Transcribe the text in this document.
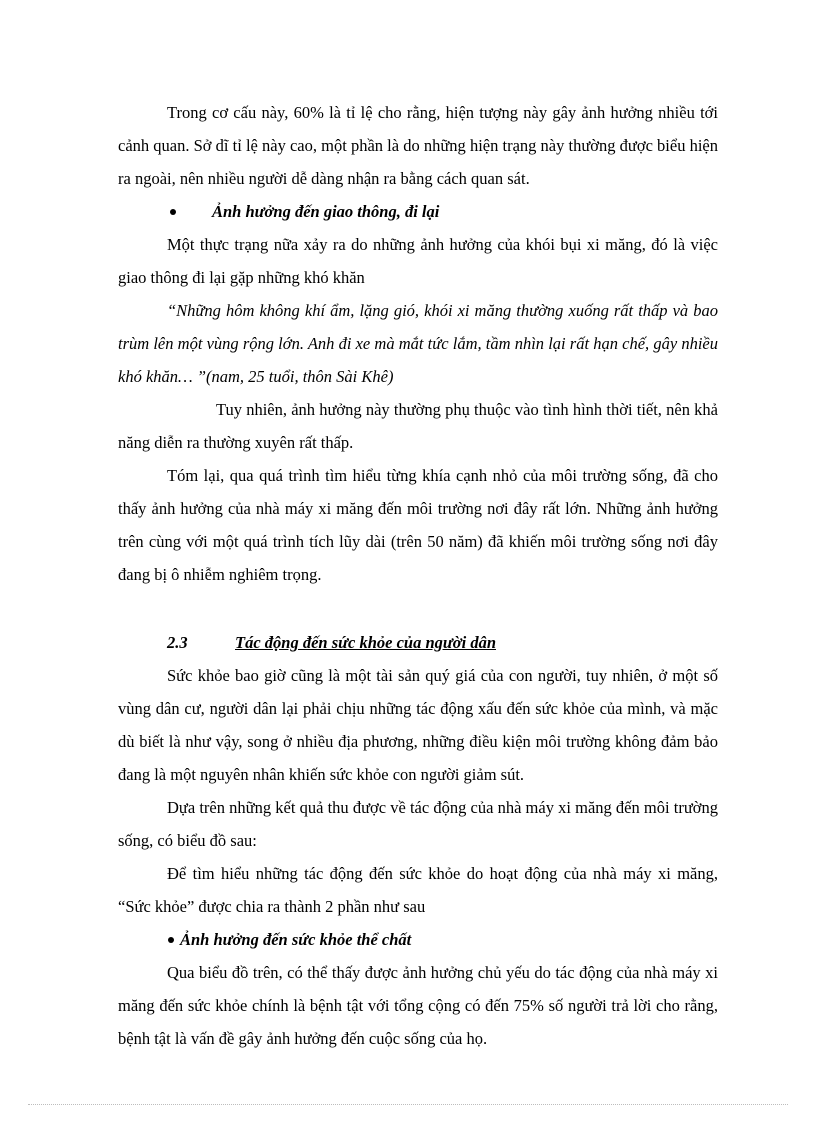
Trong cơ cấu này, 60% là tỉ lệ cho rằng, hiện tượng này gây ảnh hưởng nhiều tới cảnh quan. Sở dĩ tỉ lệ này cao, một phần là do những hiện trạng này thường được biểu hiện ra ngoài, nên nhiều người dễ dàng nhận ra bằng cách quan sát.

Ảnh hưởng đến giao thông, đi lại

Một thực trạng nữa xảy ra do những ảnh hưởng của khói bụi xi măng, đó là việc giao thông đi lại gặp những khó khăn

“Những hôm không khí ẩm, lặng gió, khói xi măng thường xuống rất thấp và bao trùm lên một vùng rộng lớn. Anh đi xe mà mắt tức lắm, tầm nhìn lại rất hạn chế, gây nhiều khó khăn… ”(nam, 25 tuổi, thôn Sài Khê)

Tuy nhiên, ảnh hưởng này thường phụ thuộc vào tình hình thời tiết, nên khả năng diễn ra thường xuyên rất thấp.

Tóm lại, qua quá trình tìm hiểu từng khía cạnh nhỏ của môi trường sống, đã cho thấy ảnh hưởng của nhà máy xi măng đến môi trường nơi đây rất lớn. Những ảnh hưởng trên cùng với một quá trình tích lũy dài (trên 50 năm) đã khiến môi trường sống nơi đây đang bị ô nhiễm nghiêm trọng.

2.3	Tác động đến sức khỏe của người dân

Sức khỏe bao giờ cũng là một tài sản quý giá của con người, tuy nhiên, ở một số vùng dân cư, người dân lại phải chịu những tác động xấu đến sức khỏe của mình, và mặc dù biết là như vậy, song ở nhiều địa phương, những điều kiện môi trường không đảm bảo đang là một nguyên nhân khiến sức khỏe con người giảm sút.

Dựa trên những kết quả thu được về tác động của nhà máy xi măng đến môi trường sống, có biểu đồ sau:

Để tìm hiểu những tác động đến sức khỏe do hoạt động của nhà máy xi măng, “Sức khỏe” được chia ra thành 2 phần như sau

Ảnh hưởng đến sức khỏe thể chất

Qua biểu đồ trên, có thể thấy được ảnh hưởng chủ yếu do tác động của nhà máy xi măng đến sức khỏe chính là bệnh tật với tổng cộng có đến 75% số người trả lời cho rằng, bệnh tật là vấn đề gây ảnh hưởng đến cuộc sống của họ.
